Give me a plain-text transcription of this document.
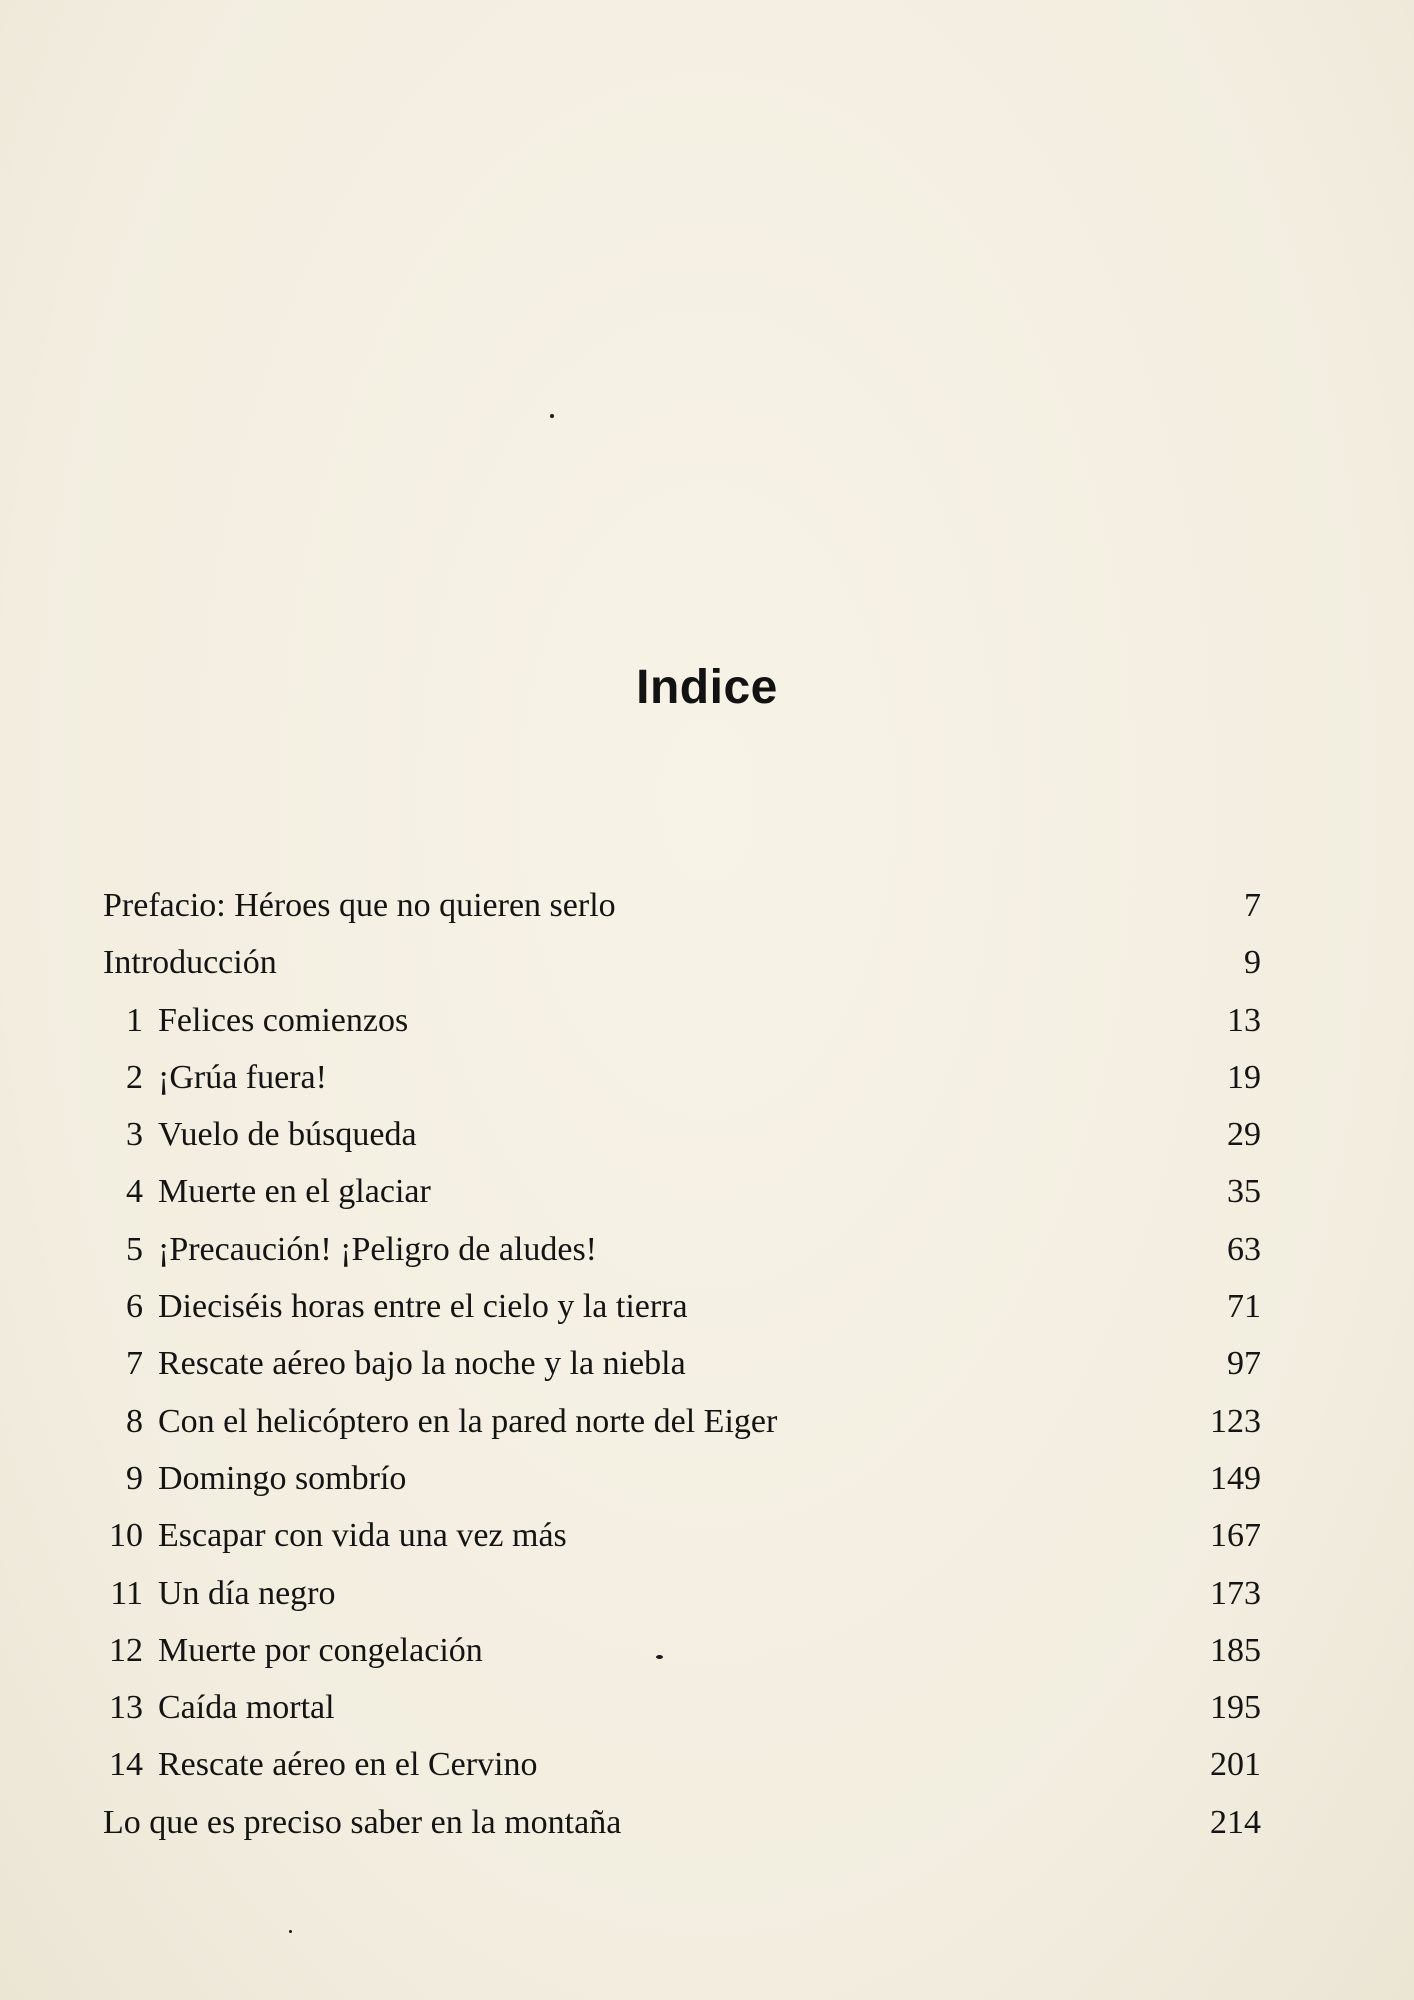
Indice
Prefacio: Héroes que no quieren serlo	7
Introducción	9
1 Felices comienzos	13
2 ¡Grúa fuera!	19
3 Vuelo de búsqueda	29
4 Muerte en el glaciar	35
5 ¡Precaución! ¡Peligro de aludes!	63
6 Dieciséis horas entre el cielo y la tierra	71
7 Rescate aéreo bajo la noche y la niebla	97
8 Con el helicóptero en la pared norte del Eiger	123
9 Domingo sombrío	149
10 Escapar con vida una vez más	167
11 Un día negro	173
12 Muerte por congelación	185
13 Caída mortal	195
14 Rescate aéreo en el Cervino	201
Lo que es preciso saber en la montaña	214
